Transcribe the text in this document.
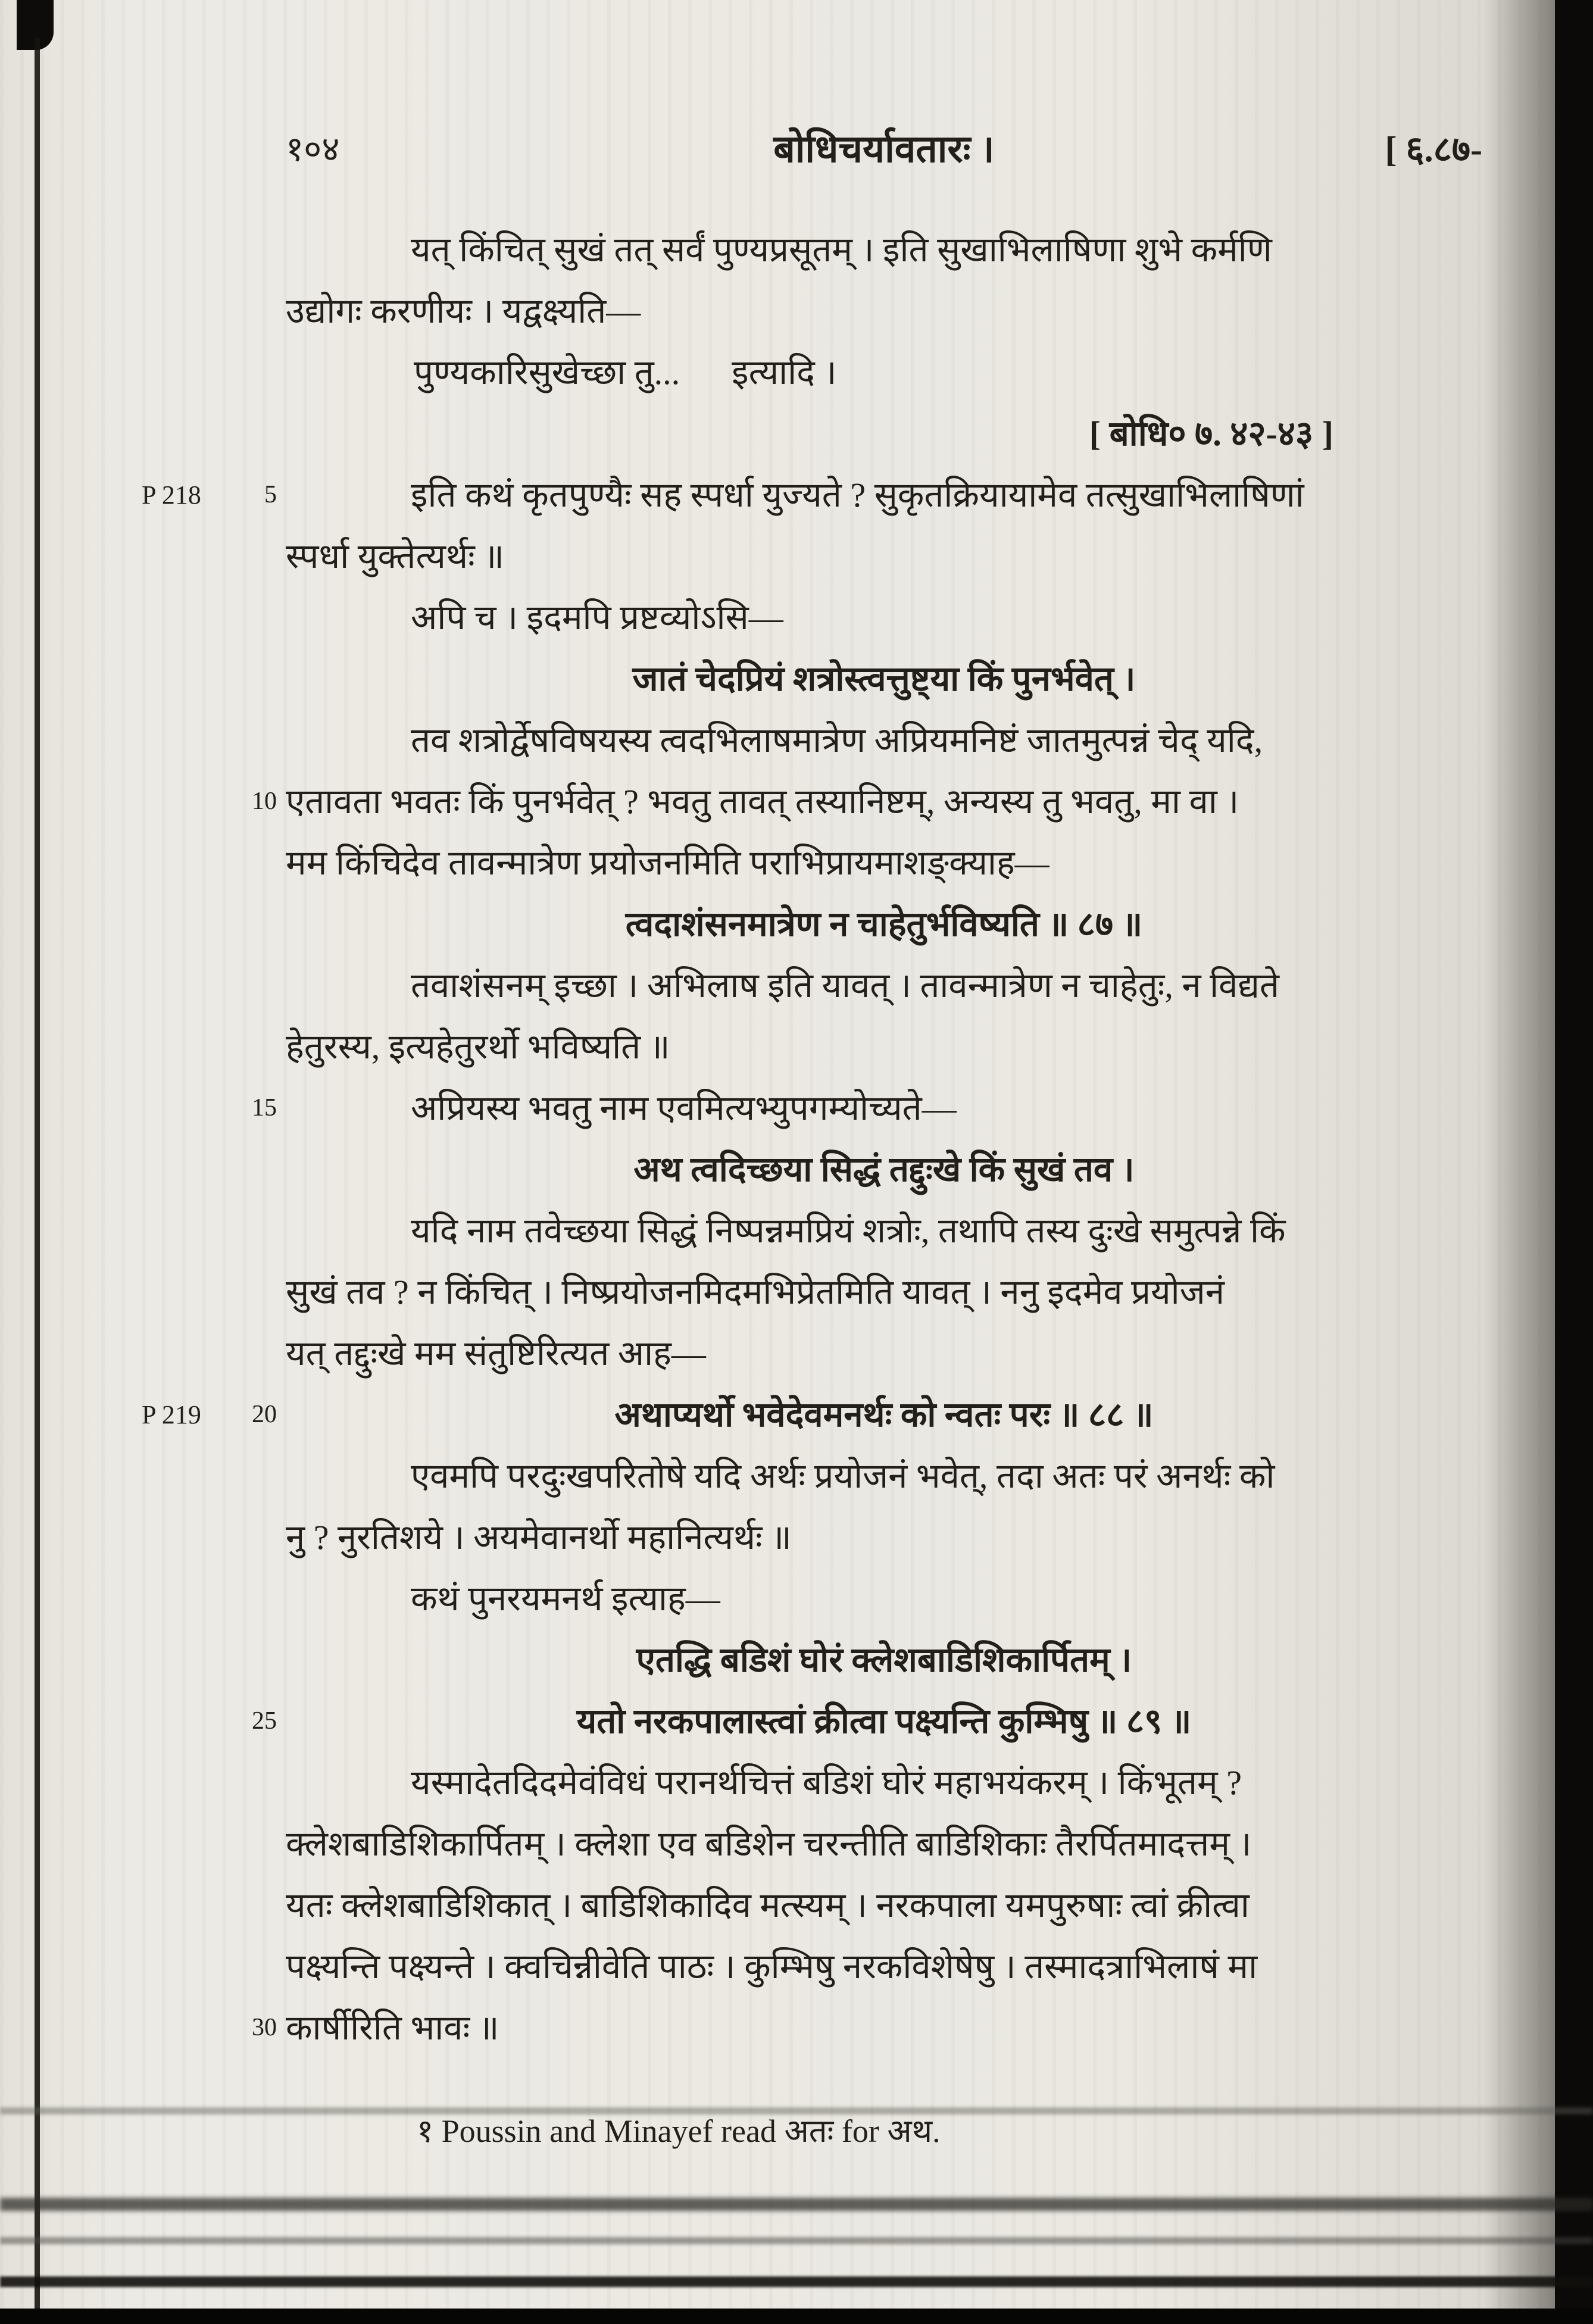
१०४	बोधिचर्यावतारः ।	[ ६.८७-
यत् किंचित् सुखं तत् सर्वं पुण्यप्रसूतम् । इति सुखाभिलाषिणा शुभे कर्मणि
उद्योगः करणीयः । यद्वक्ष्यति—
पुण्यकारिसुखेच्छा तु...      इत्यादि ।
[ बोधि० ७. ४२-४३ ]
P 218	5	इति कथं कृतपुण्यैः सह स्पर्धा युज्यते ? सुकृतक्रियायामेव तत्सुखाभिलाषिणां
स्पर्धा युक्तेत्यर्थः ॥
अपि च । इदमपि प्रष्टव्योऽसि—
जातं चेदप्रियं शत्रोस्त्वत्तुष्ट्या किं पुनर्भवेत् ।
तव शत्रोर्द्वेषविषयस्य त्वदभिलाषमात्रेण अप्रियमनिष्टं जातमुत्पन्नं चेद् यदि,
10 एतावता भवतः किं पुनर्भवेत् ? भवतु तावत् तस्यानिष्टम्, अन्यस्य तु भवतु, मा वा ।
मम किंचिदेव तावन्मात्रेण प्रयोजनमिति पराभिप्रायमाशङ्क्याह—
त्वदाशंसनमात्रेण न चाहेतुर्भविष्यति ॥ ८७ ॥
तवाशंसनम् इच्छा । अभिलाष इति यावत् । तावन्मात्रेण न चाहेतुः, न विद्यते
हेतुरस्य, इत्यहेतुरर्थो भविष्यति ॥
15	अप्रियस्य भवतु नाम एवमित्यभ्युपगम्योच्यते—
अथ त्वदिच्छया सिद्धं तद्दुःखे किं सुखं तव ।
यदि नाम तवेच्छया सिद्धं निष्पन्नमप्रियं शत्रोः, तथापि तस्य दुःखे समुत्पन्ने किं
सुखं तव ? न किंचित् । निष्प्रयोजनमिदमभिप्रेतमिति यावत् । ननु इदमेव प्रयोजनं
यत् तद्दुःखे मम संतुष्टिरित्यत आह—
P 219 20	अथाप्यर्थो भवेदेवमनर्थः को न्वतः परः ॥ ८८ ॥
एवमपि परदुःखपरितोषे यदि अर्थः प्रयोजनं भवेत्, तदा अतः परं अनर्थः को
नु ? नुरतिशये । अयमेवानर्थो महानित्यर्थः ॥
कथं पुनरयमनर्थ इत्याह—
एतद्धि बडिशं घोरं क्लेशबाडिशिकार्पितम् ।
25	यतो नरकपालास्त्वां क्रीत्वा पक्ष्यन्ति कुम्भिषु ॥ ८९ ॥
यस्मादेतदिदमेवंविधं परानर्थचित्तं बडिशं घोरं महाभयंकरम् । किंभूतम् ?
क्लेशबाडिशिकार्पितम् । क्लेशा एव बडिशेन चरन्तीति बाडिशिकाः तैरर्पितमादत्तम् ।
यतः क्लेशबाडिशिकात् । बाडिशिकादिव मत्स्यम् । नरकपाला यमपुरुषाः त्वां क्रीत्वा
पक्ष्यन्ति पक्ष्यन्ते । क्वचिन्नीवेति पाठः । कुम्भिषु नरकविशेषेषु । तस्मादत्राभिलाषं मा
30 कार्षीरिति भावः ॥
१ Poussin and Minayef read अतः for अथ.
